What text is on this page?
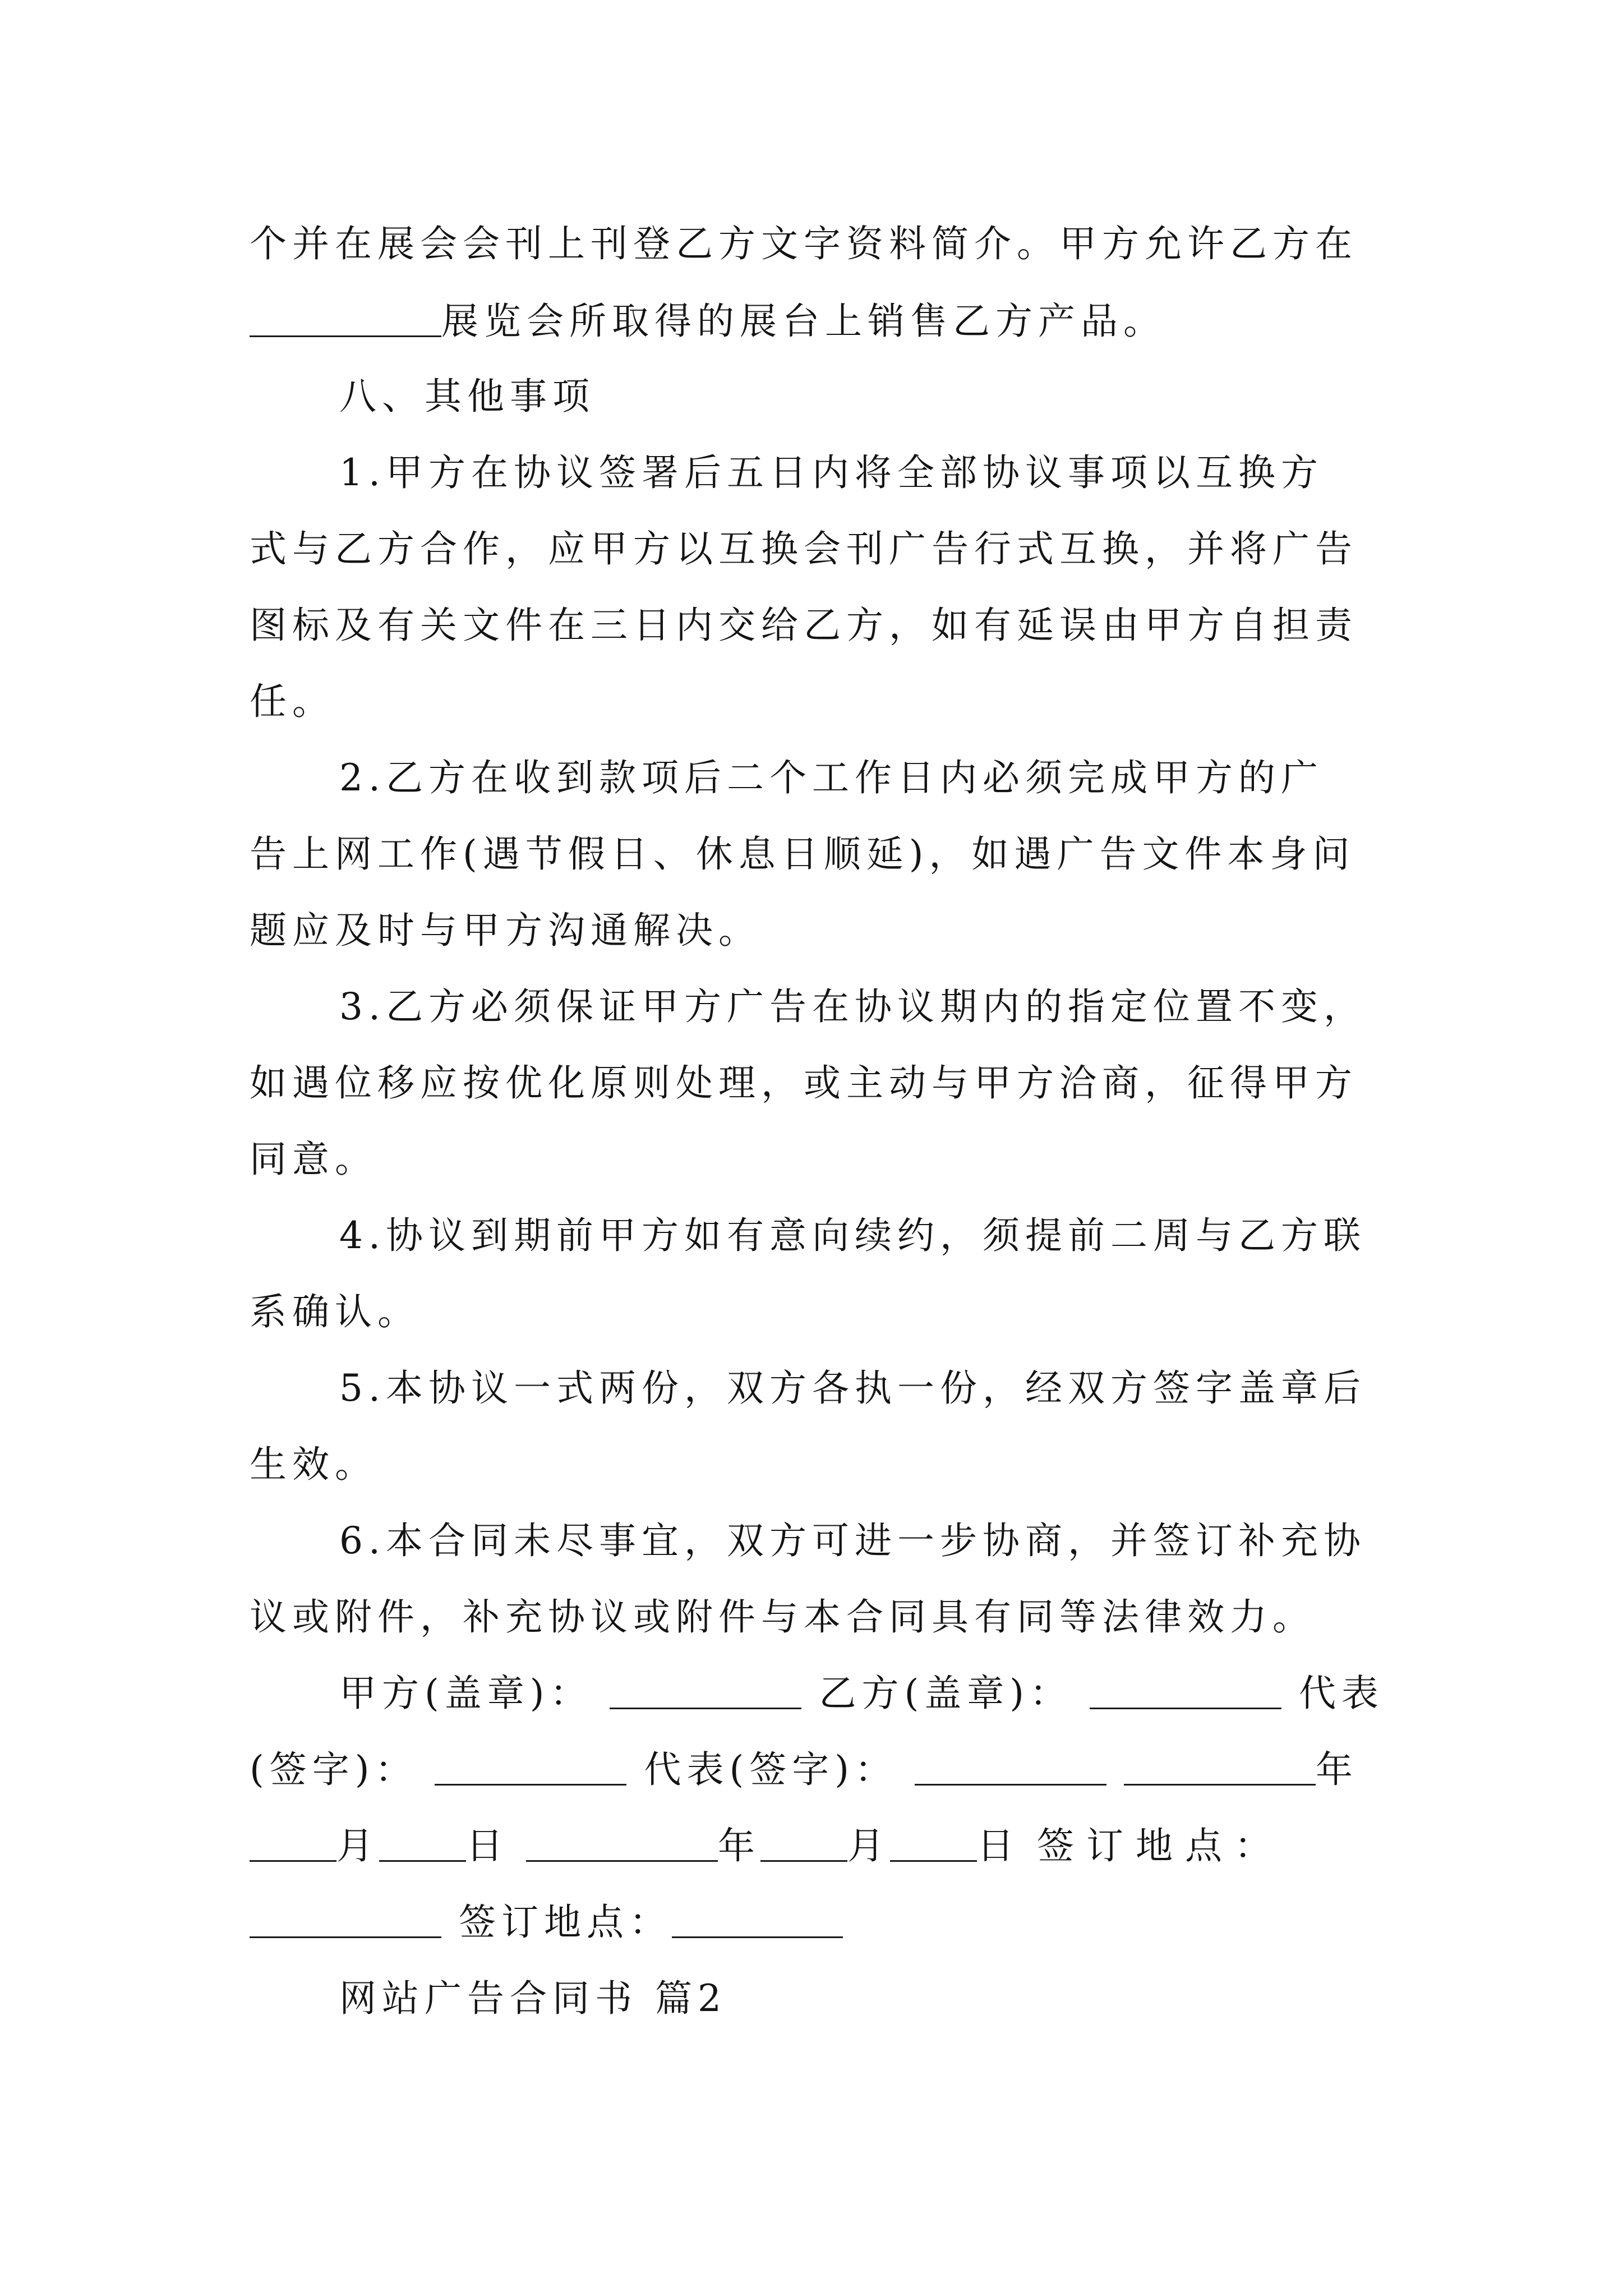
个并在展会会刊上刊登乙方文字资料简介。甲方允许乙方在
展览会所取得的展台上销售乙方产品。
八、其他事项
1.甲方在协议签署后五日内将全部协议事项以互换方
式与乙方合作，应甲方以互换会刊广告行式互换，并将广告
图标及有关文件在三日内交给乙方，如有延误由甲方自担责
任。
2.乙方在收到款项后二个工作日内必须完成甲方的广
告上网工作(遇节假日、休息日顺延)，如遇广告文件本身问
题应及时与甲方沟通解决。
3.乙方必须保证甲方广告在协议期内的指定位置不变，
如遇位移应按优化原则处理，或主动与甲方洽商，征得甲方
同意。
4.协议到期前甲方如有意向续约，须提前二周与乙方联
系确认。
5.本协议一式两份，双方各执一份，经双方签字盖章后
生效。
6.本合同未尽事宜，双方可进一步协商，并签订补充协
议或附件，补充协议或附件与本合同具有同等法律效力。
甲方(盖章)：	乙方(盖章)：	代表
(签字)：	代表(签字)：	年
月 日	年 月 日 签订地点：
签订地点：
网站广告合同书 篇2
